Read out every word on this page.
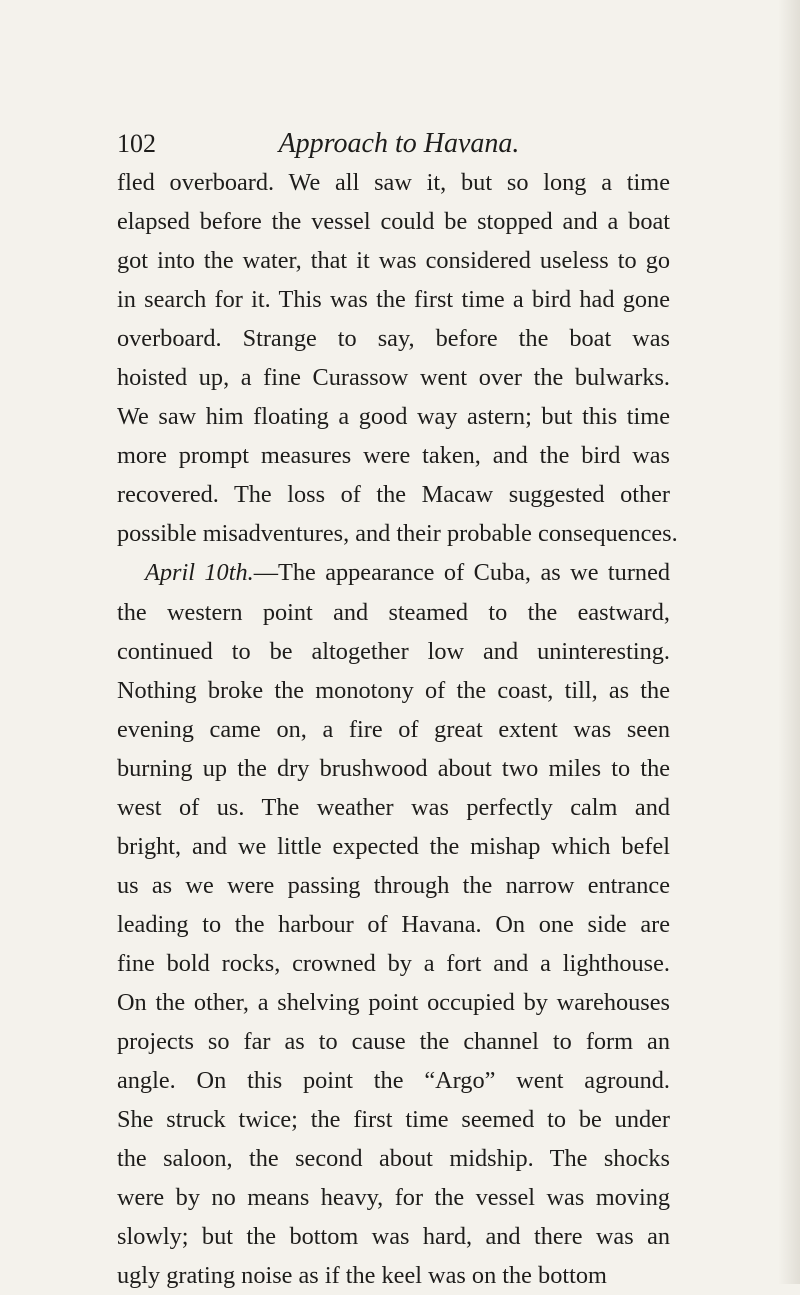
102	Approach to Havana.
fled overboard. We all saw it, but so long a time
elapsed before the vessel could be stopped and a boat
got into the water, that it was considered useless to go
in search for it. This was the first time a bird had gone
overboard. Strange to say, before the boat was
hoisted up, a fine Curassow went over the bulwarks.
We saw him floating a good way astern; but this time
more prompt measures were taken, and the bird was
recovered. The loss of the Macaw suggested other
possible misadventures, and their probable consequences.
April 10th.—The appearance of Cuba, as we turned
the western point and steamed to the eastward,
continued to be altogether low and uninteresting.
Nothing broke the monotony of the coast, till, as the
evening came on, a fire of great extent was seen
burning up the dry brushwood about two miles to the
west of us. The weather was perfectly calm and
bright, and we little expected the mishap which befel
us as we were passing through the narrow entrance
leading to the harbour of Havana. On one side are
fine bold rocks, crowned by a fort and a lighthouse.
On the other, a shelving point occupied by warehouses
projects so far as to cause the channel to form an
angle. On this point the “Argo” went aground.
She struck twice; the first time seemed to be under
the saloon, the second about midship. The shocks
were by no means heavy, for the vessel was moving
slowly; but the bottom was hard, and there was an
ugly grating noise as if the keel was on the bottom
